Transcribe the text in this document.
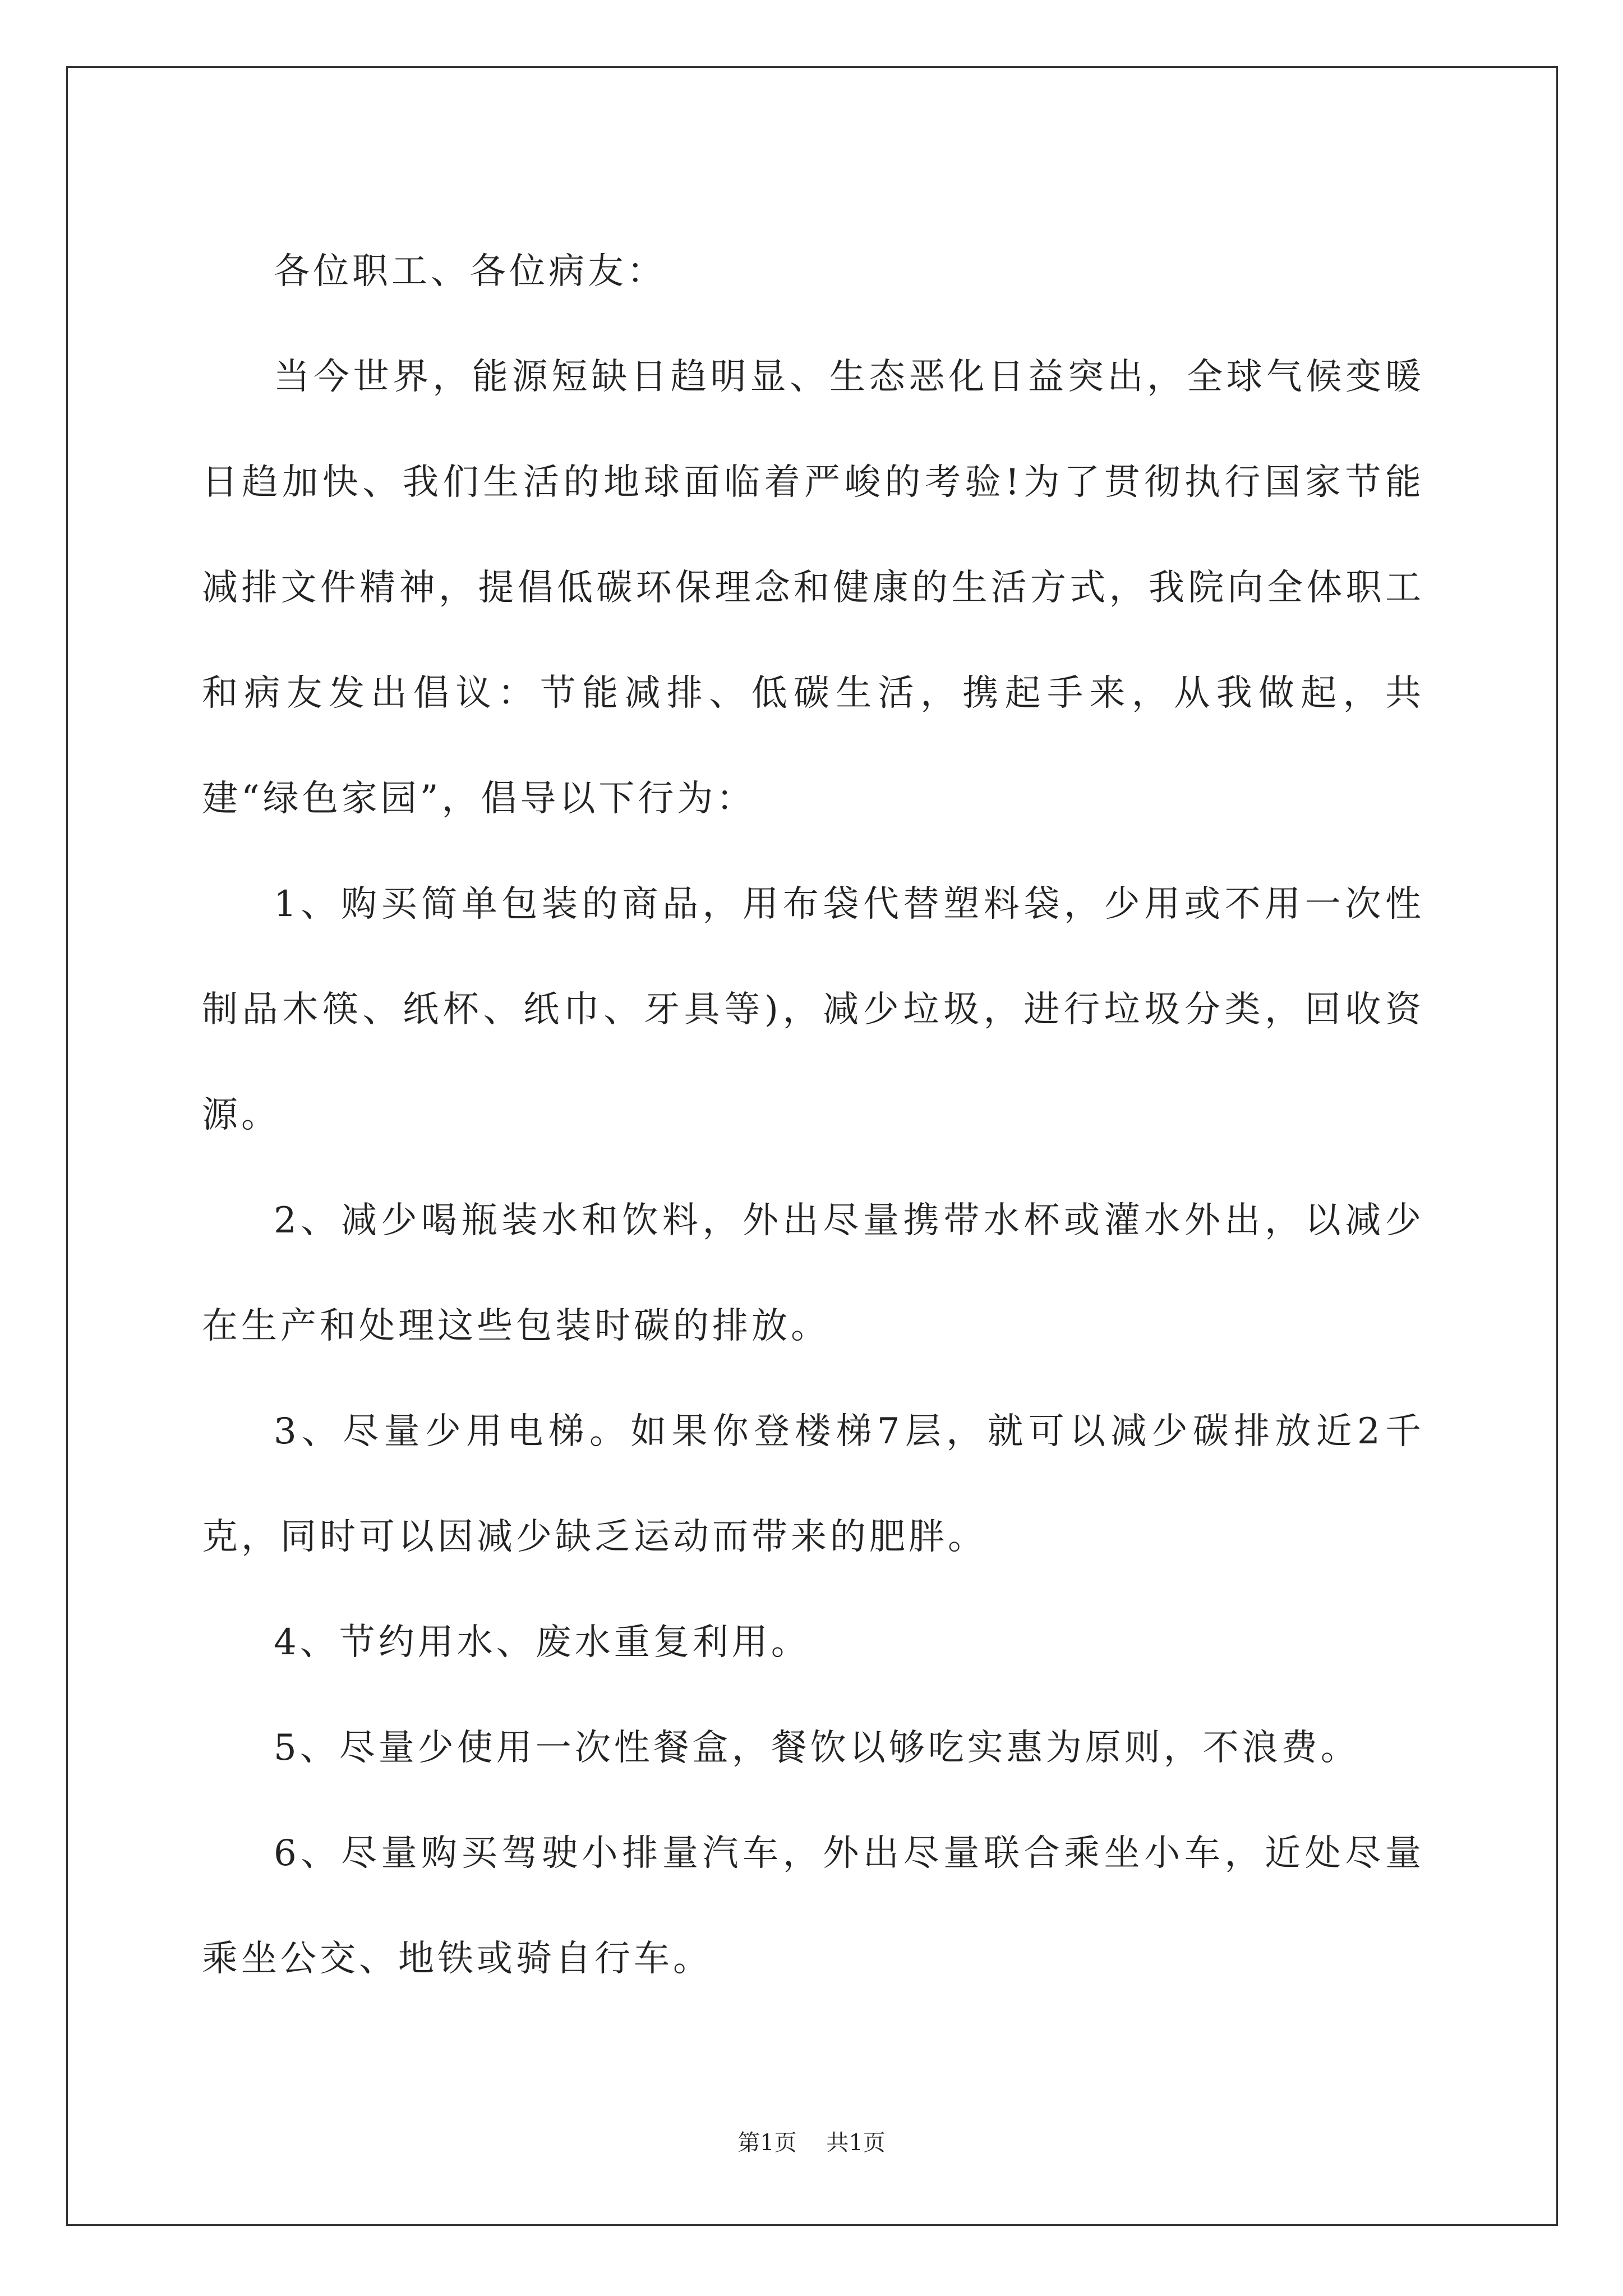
各位职工、各位病友：

当今世界，能源短缺日趋明显、生态恶化日益突出，全球气候变暖日趋加快、我们生活的地球面临着严峻的考验!为了贯彻执行国家节能减排文件精神，提倡低碳环保理念和健康的生活方式，我院向全体职工和病友发出倡议：节能减排、低碳生活，携起手来，从我做起，共建“绿色家园”，倡导以下行为：

1、购买简单包装的商品，用布袋代替塑料袋，少用或不用一次性制品木筷、纸杯、纸巾、牙具等)，减少垃圾，进行垃圾分类，回收资源。

2、减少喝瓶装水和饮料，外出尽量携带水杯或灌水外出，以减少在生产和处理这些包装时碳的排放。

3、尽量少用电梯。如果你登楼梯7层，就可以减少碳排放近2千克，同时可以因减少缺乏运动而带来的肥胖。

4、节约用水、废水重复利用。

5、尽量少使用一次性餐盒，餐饮以够吃实惠为原则，不浪费。

6、尽量购买驾驶小排量汽车，外出尽量联合乘坐小车，近处尽量乘坐公交、地铁或骑自行车。

第1页 共1页
